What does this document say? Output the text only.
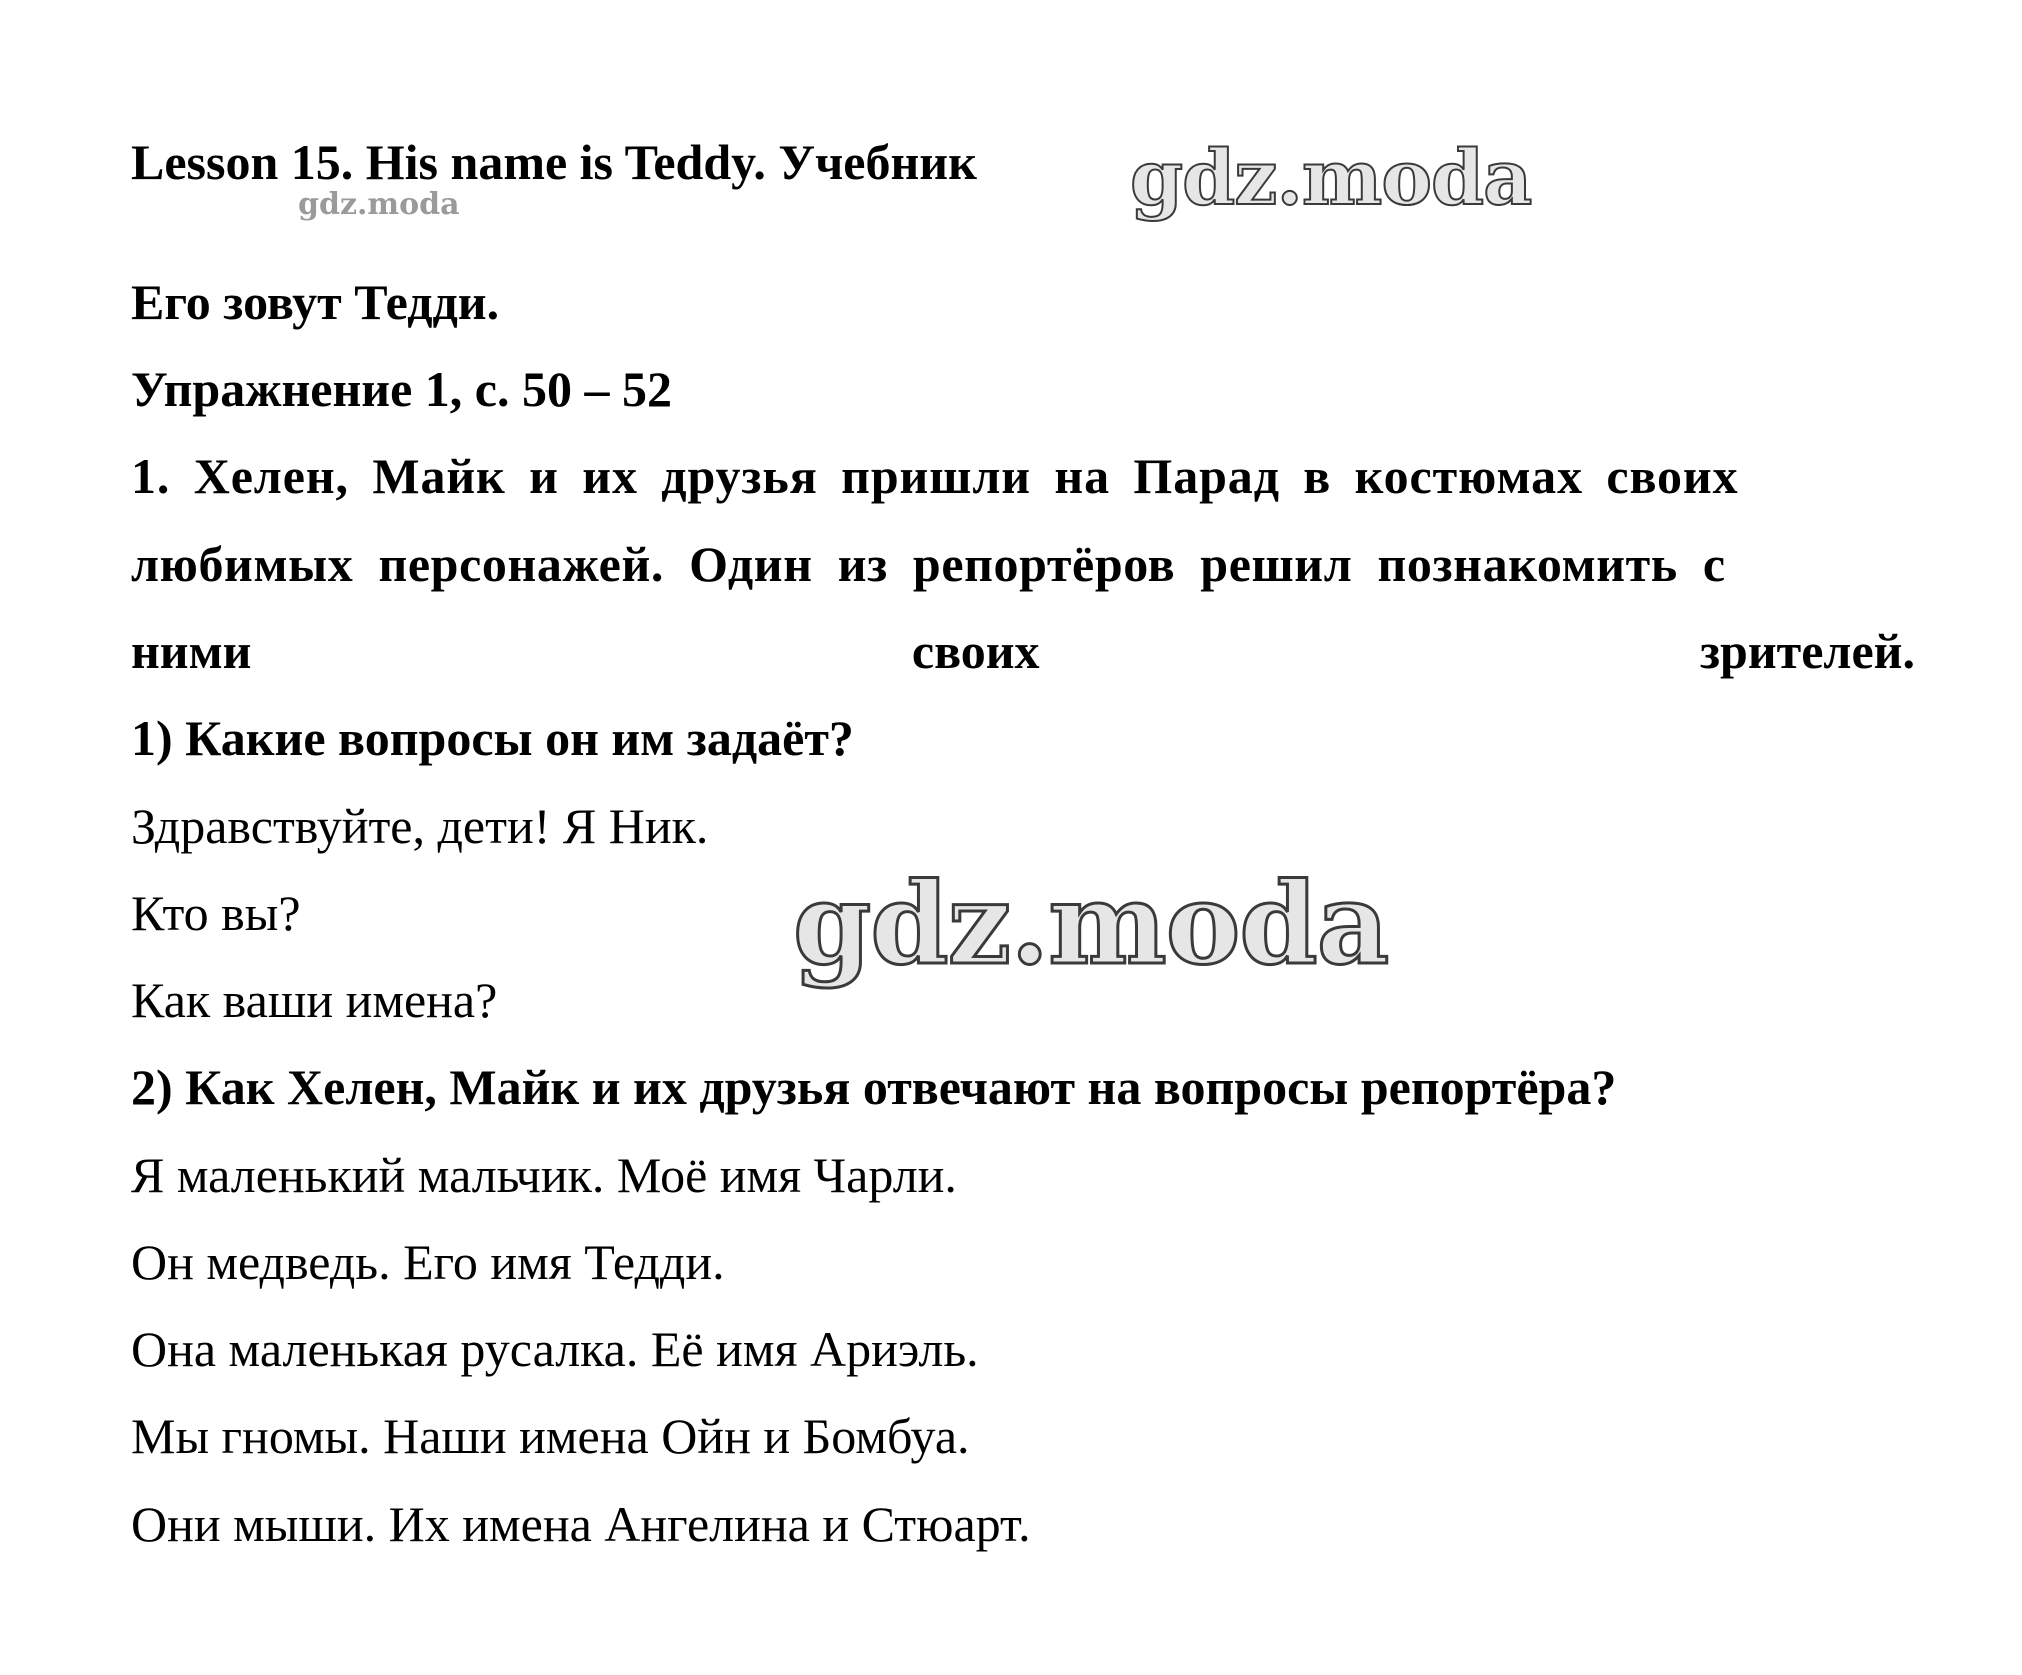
Lesson 15. His name is Teddy. Учебник gdz.moda
gdz.moda
Его зовут Тедди.
Упражнение 1, с. 50 – 52
1. Хелен, Майк и их друзья пришли на Парад в костюмах своих
любимых персонажей. Один из репортёров решил познакомить с
ними	своих	зрителей.
1) Какие вопросы он им задаёт?
Здравствуйте, дети! Я Ник.
Кто вы?
Как ваши имена?
gdz.moda
2) Как Хелен, Майк и их друзья отвечают на вопросы репортёра?
Я маленький мальчик. Моё имя Чарли.
Он медведь. Его имя Тедди.
Она маленькая русалка. Её имя Ариэль.
Мы гномы. Наши имена Ойн и Бомбуа.
Они мыши. Их имена Ангелина и Стюарт.
